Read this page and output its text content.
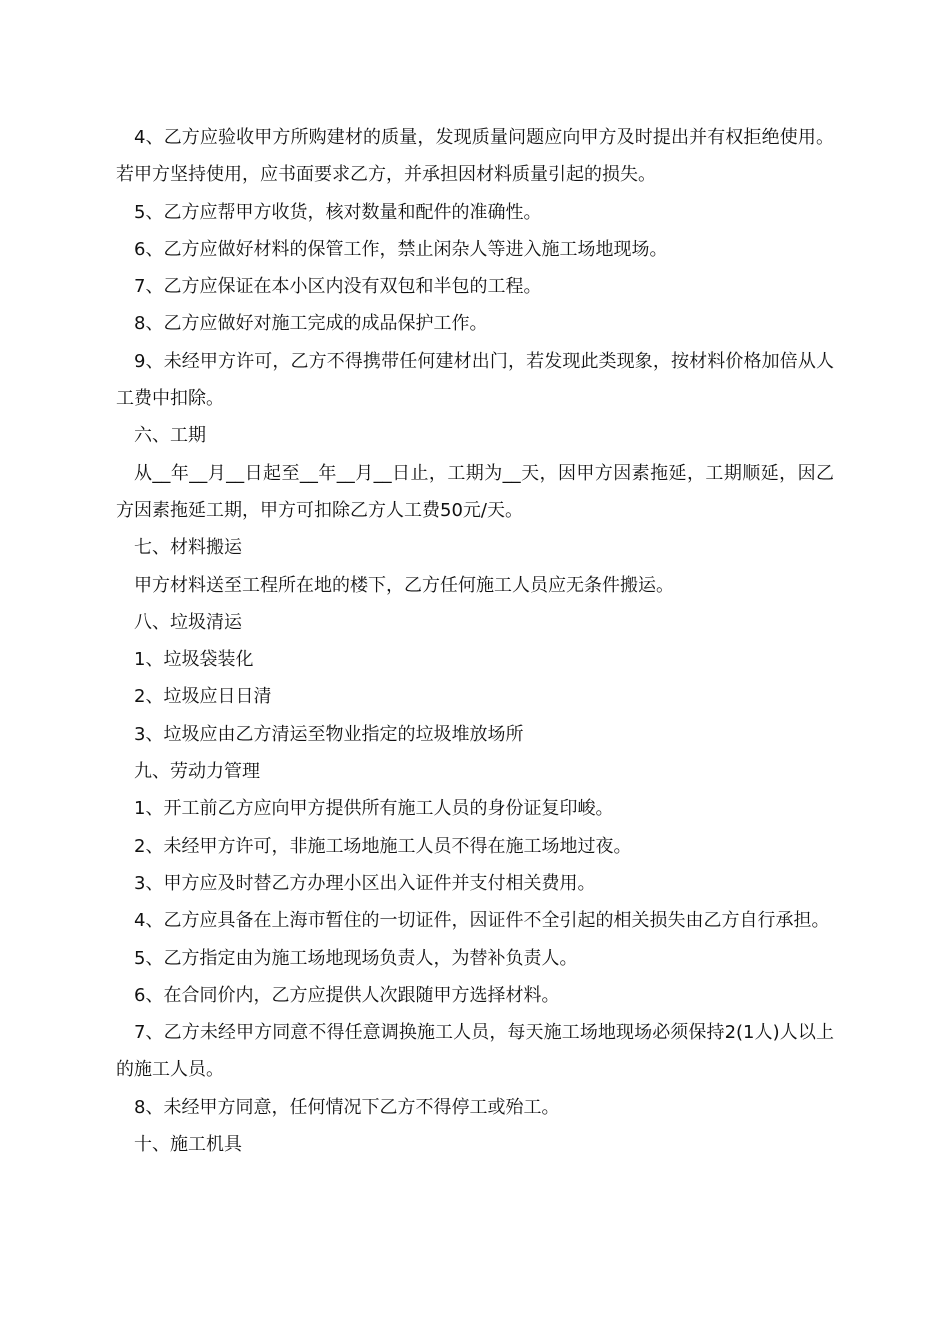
4、乙方应验收甲方所购建材的质量，发现质量问题应向甲方及时提出并有权拒绝使用。若甲方坚持使用，应书面要求乙方，并承担因材料质量引起的损失。

5、乙方应帮甲方收货，核对数量和配件的准确性。

6、乙方应做好材料的保管工作，禁止闲杂人等进入施工场地现场。

7、乙方应保证在本小区内没有双包和半包的工程。

8、乙方应做好对施工完成的成品保护工作。

9、未经甲方许可，乙方不得携带任何建材出门，若发现此类现象，按材料价格加倍从人工费中扣除。

六、工期

从__年__月__日起至__年__月__日止，工期为__天，因甲方因素拖延，工期顺延，因乙方因素拖延工期，甲方可扣除乙方人工费50元/天。

七、材料搬运

甲方材料送至工程所在地的楼下，乙方任何施工人员应无条件搬运。

八、垃圾清运

1、垃圾袋装化

2、垃圾应日日清

3、垃圾应由乙方清运至物业指定的垃圾堆放场所

九、劳动力管理

1、开工前乙方应向甲方提供所有施工人员的身份证复印峻。

2、未经甲方许可，非施工场地施工人员不得在施工场地过夜。

3、甲方应及时替乙方办理小区出入证件并支付相关费用。

4、乙方应具备在上海市暂住的一切证件，因证件不全引起的相关损失由乙方自行承担。

5、乙方指定由为施工场地现场负责人，为替补负责人。

6、在合同价内，乙方应提供人次跟随甲方选择材料。

7、乙方未经甲方同意不得任意调换施工人员，每天施工场地现场必须保持2(1人)人以上的施工人员。

8、未经甲方同意，任何情况下乙方不得停工或殆工。

十、施工机具
